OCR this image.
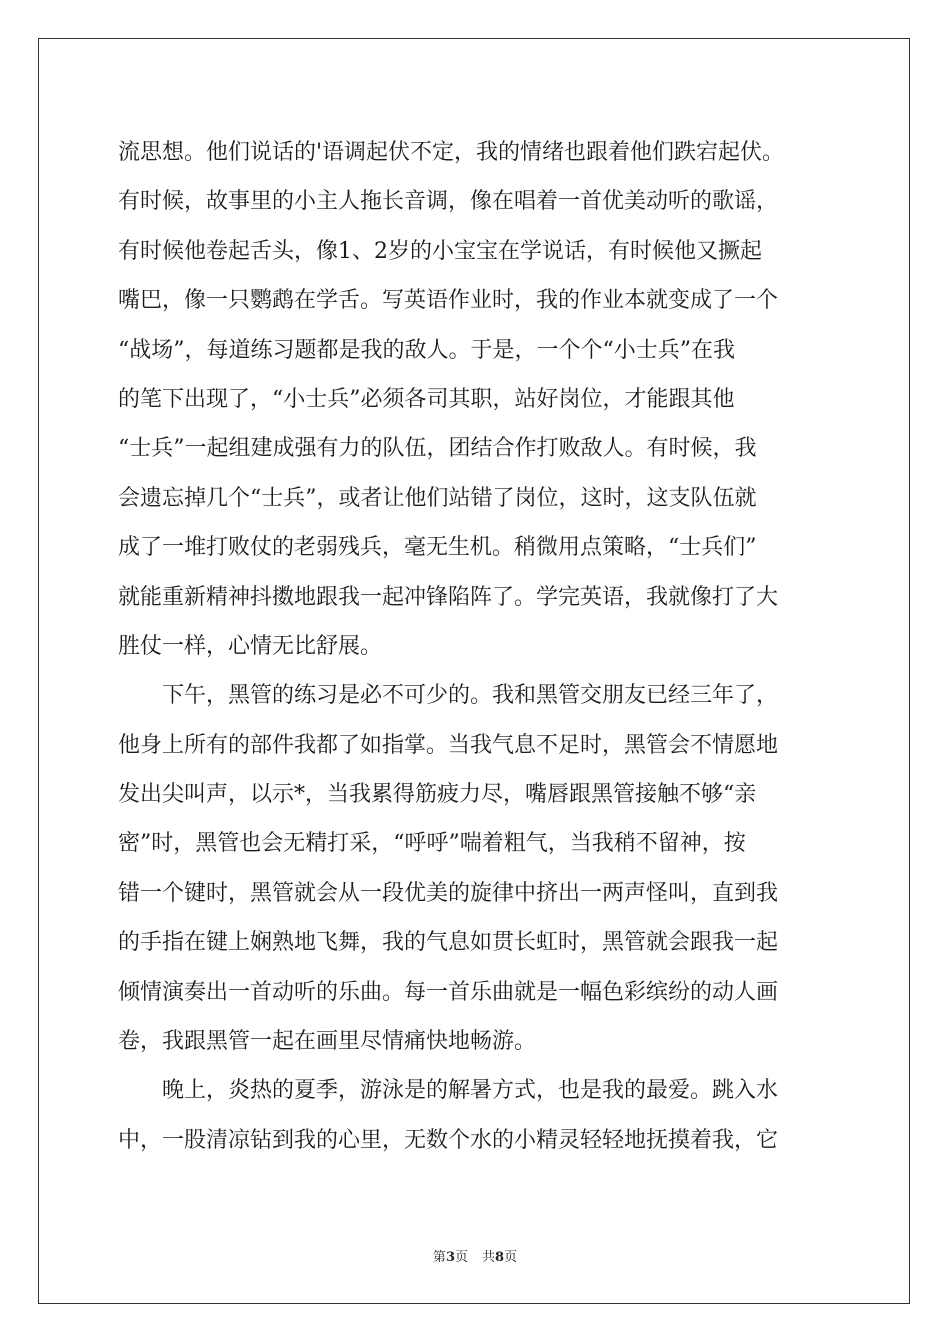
流思想。他们说话的'语调起伏不定，我的情绪也跟着他们跌宕起伏。
有时候，故事里的小主人拖长音调，像在唱着一首优美动听的歌谣，
有时候他卷起舌头，像1、2岁的小宝宝在学说话，有时候他又撅起
嘴巴，像一只鹦鹉在学舌。写英语作业时，我的作业本就变成了一个
“战场”，每道练习题都是我的敌人。于是，一个个“小士兵”在我
的笔下出现了，“小士兵”必须各司其职，站好岗位，才能跟其他
“士兵”一起组建成强有力的队伍，团结合作打败敌人。有时候，我
会遗忘掉几个“士兵”，或者让他们站错了岗位，这时，这支队伍就
成了一堆打败仗的老弱残兵，毫无生机。稍微用点策略，“士兵们”
就能重新精神抖擞地跟我一起冲锋陷阵了。学完英语，我就像打了大
胜仗一样，心情无比舒展。
　　下午，黑管的练习是必不可少的。我和黑管交朋友已经三年了，
他身上所有的部件我都了如指掌。当我气息不足时，黑管会不情愿地
发出尖叫声，以示*，当我累得筋疲力尽，嘴唇跟黑管接触不够“亲
密”时，黑管也会无精打采，“呼呼”喘着粗气，当我稍不留神，按
错一个键时，黑管就会从一段优美的旋律中挤出一两声怪叫，直到我
的手指在键上娴熟地飞舞，我的气息如贯长虹时，黑管就会跟我一起
倾情演奏出一首动听的乐曲。每一首乐曲就是一幅色彩缤纷的动人画
卷，我跟黑管一起在画里尽情痛快地畅游。
　　晚上，炎热的夏季，游泳是的解暑方式，也是我的最爱。跳入水
中，一股清凉钻到我的心里，无数个水的小精灵轻轻地抚摸着我，它
第3页 共8页
